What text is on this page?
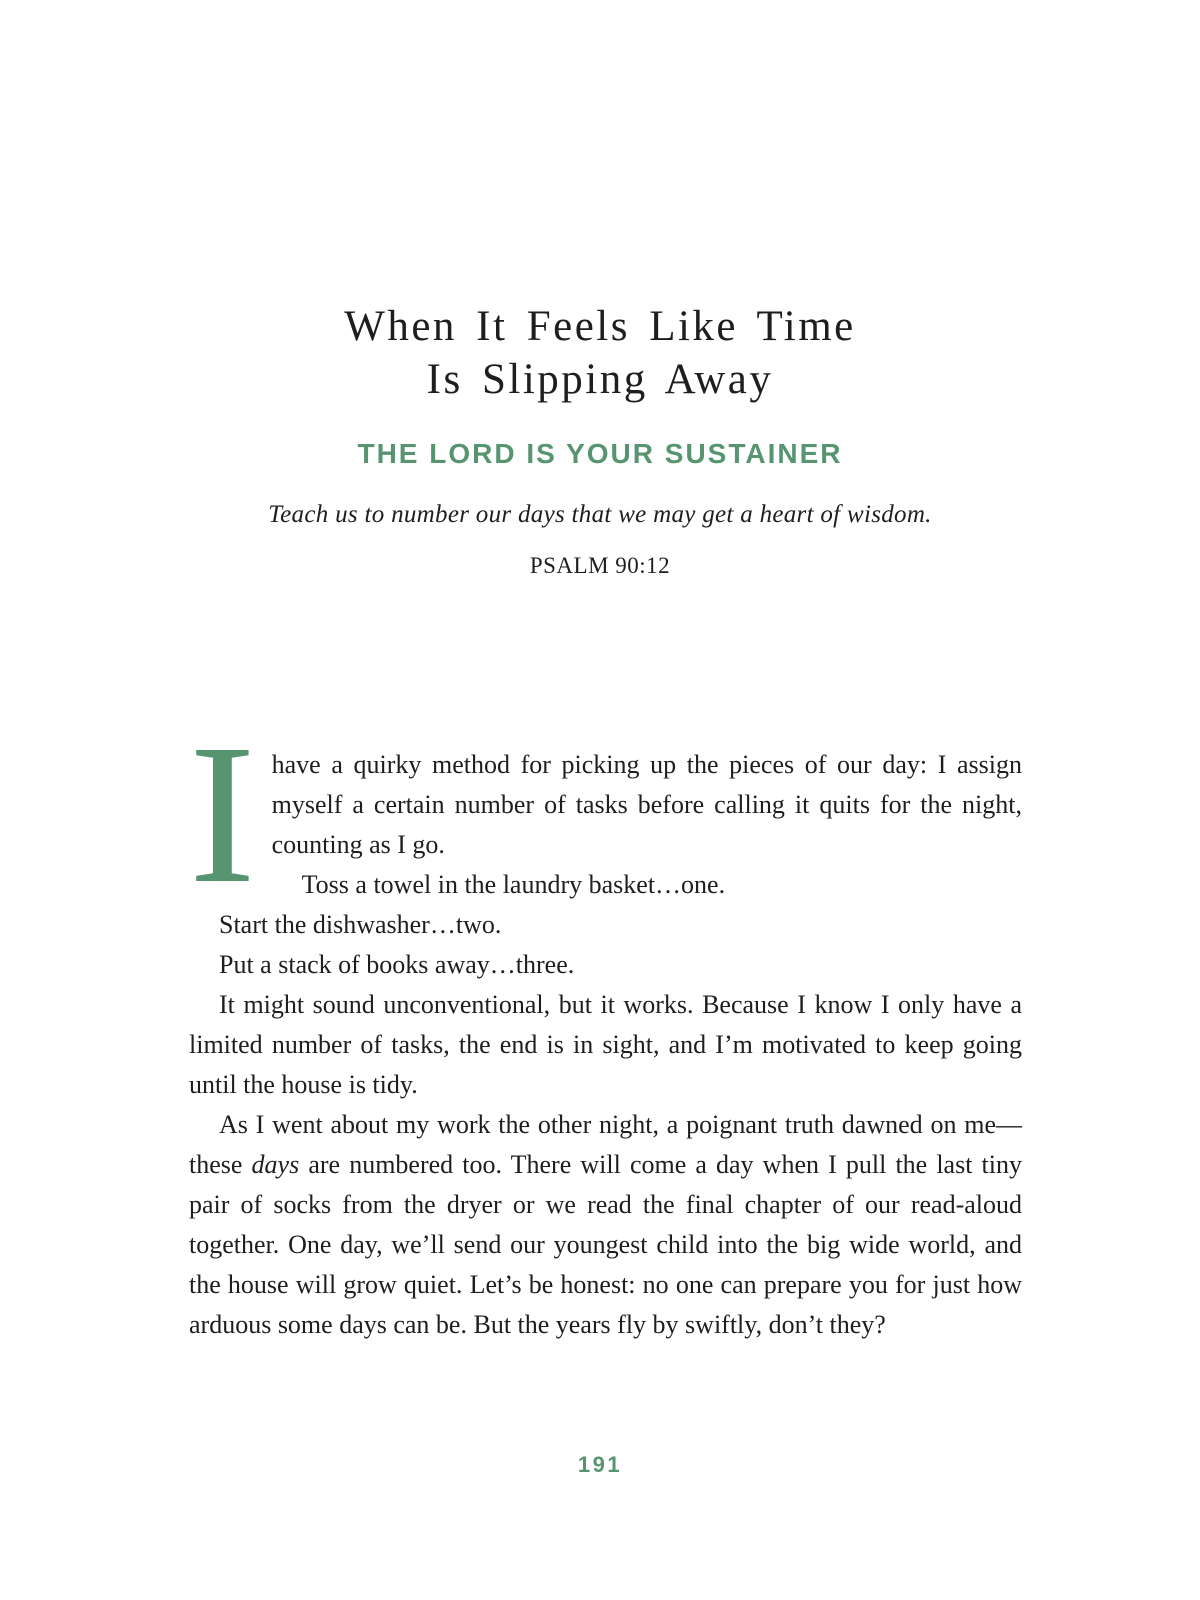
When It Feels Like Time
Is Slipping Away
THE LORD IS YOUR SUSTAINER
Teach us to number our days that we may get a heart of wisdom.
PSALM 90:12

Ihave a quirky method for picking up the pieces of our day: I assign myself a certain number of tasks before calling it quits for the night, counting as I go.

Toss a towel in the laundry basket…one.

Start the dishwasher…two.

Put a stack of books away…three.

It might sound unconventional, but it works. Because I know I only have a limited number of tasks, the end is in sight, and I’m motivated to keep going until the house is tidy.

As I went about my work the other night, a poignant truth dawned on me—these days are numbered too. There will come a day when I pull the last tiny pair of socks from the dryer or we read the final chapter of our read-aloud together. One day, we’ll send our youngest child into the big wide world, and the house will grow quiet. Let’s be honest: no one can prepare you for just how arduous some days can be. But the years fly by swiftly, don’t they?

191
